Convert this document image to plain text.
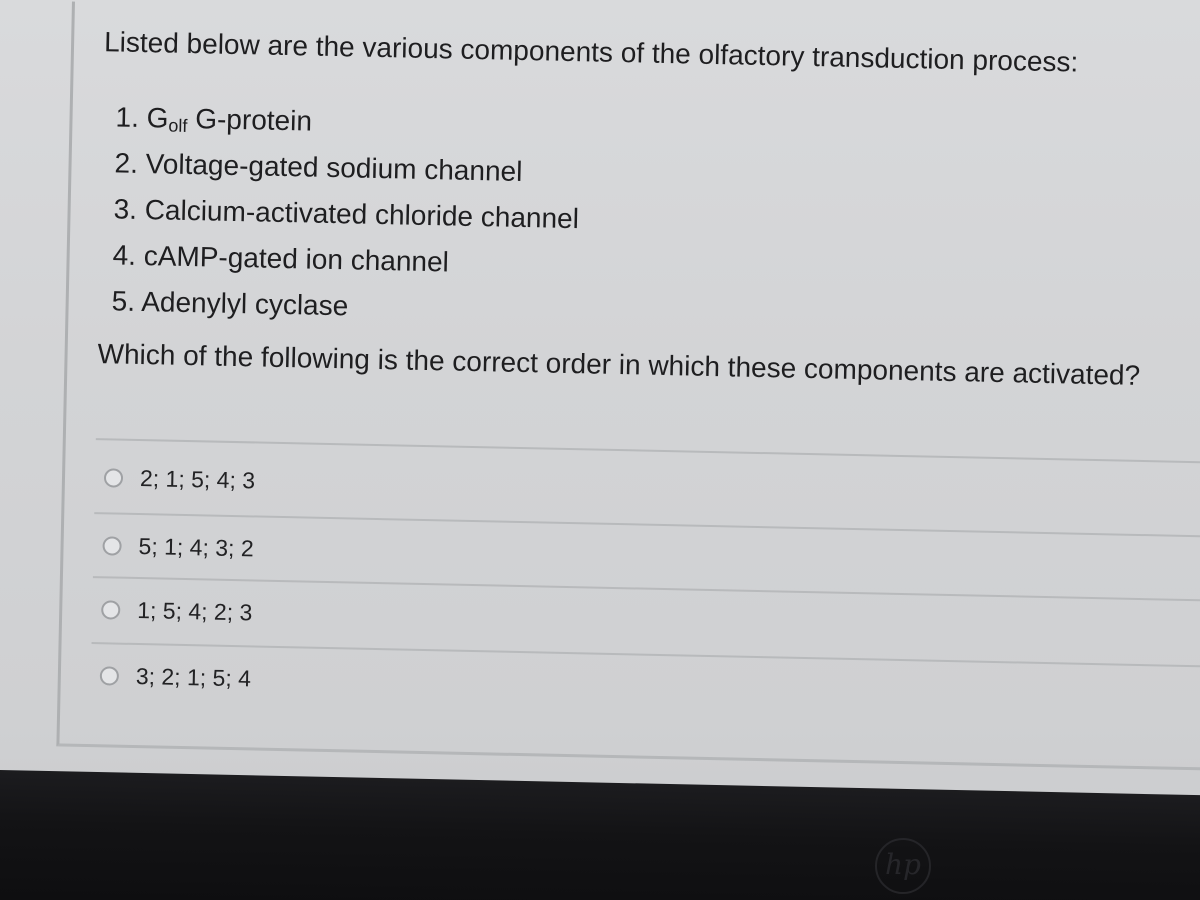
Listed below are the various components of the olfactory transduction process:
1. $G_{olf}$ G-protein
2. Voltage-gated sodium channel
3. Calcium-activated chloride channel
4. cAMP-gated ion channel
5. Adenylyl cyclase
Which of the following is the correct order in which these components are activated?
2; 1; 5; 4; 3
5; 1; 4; 3; 2
1; 5; 4; 2; 3
3; 2; 1; 5; 4
hp
